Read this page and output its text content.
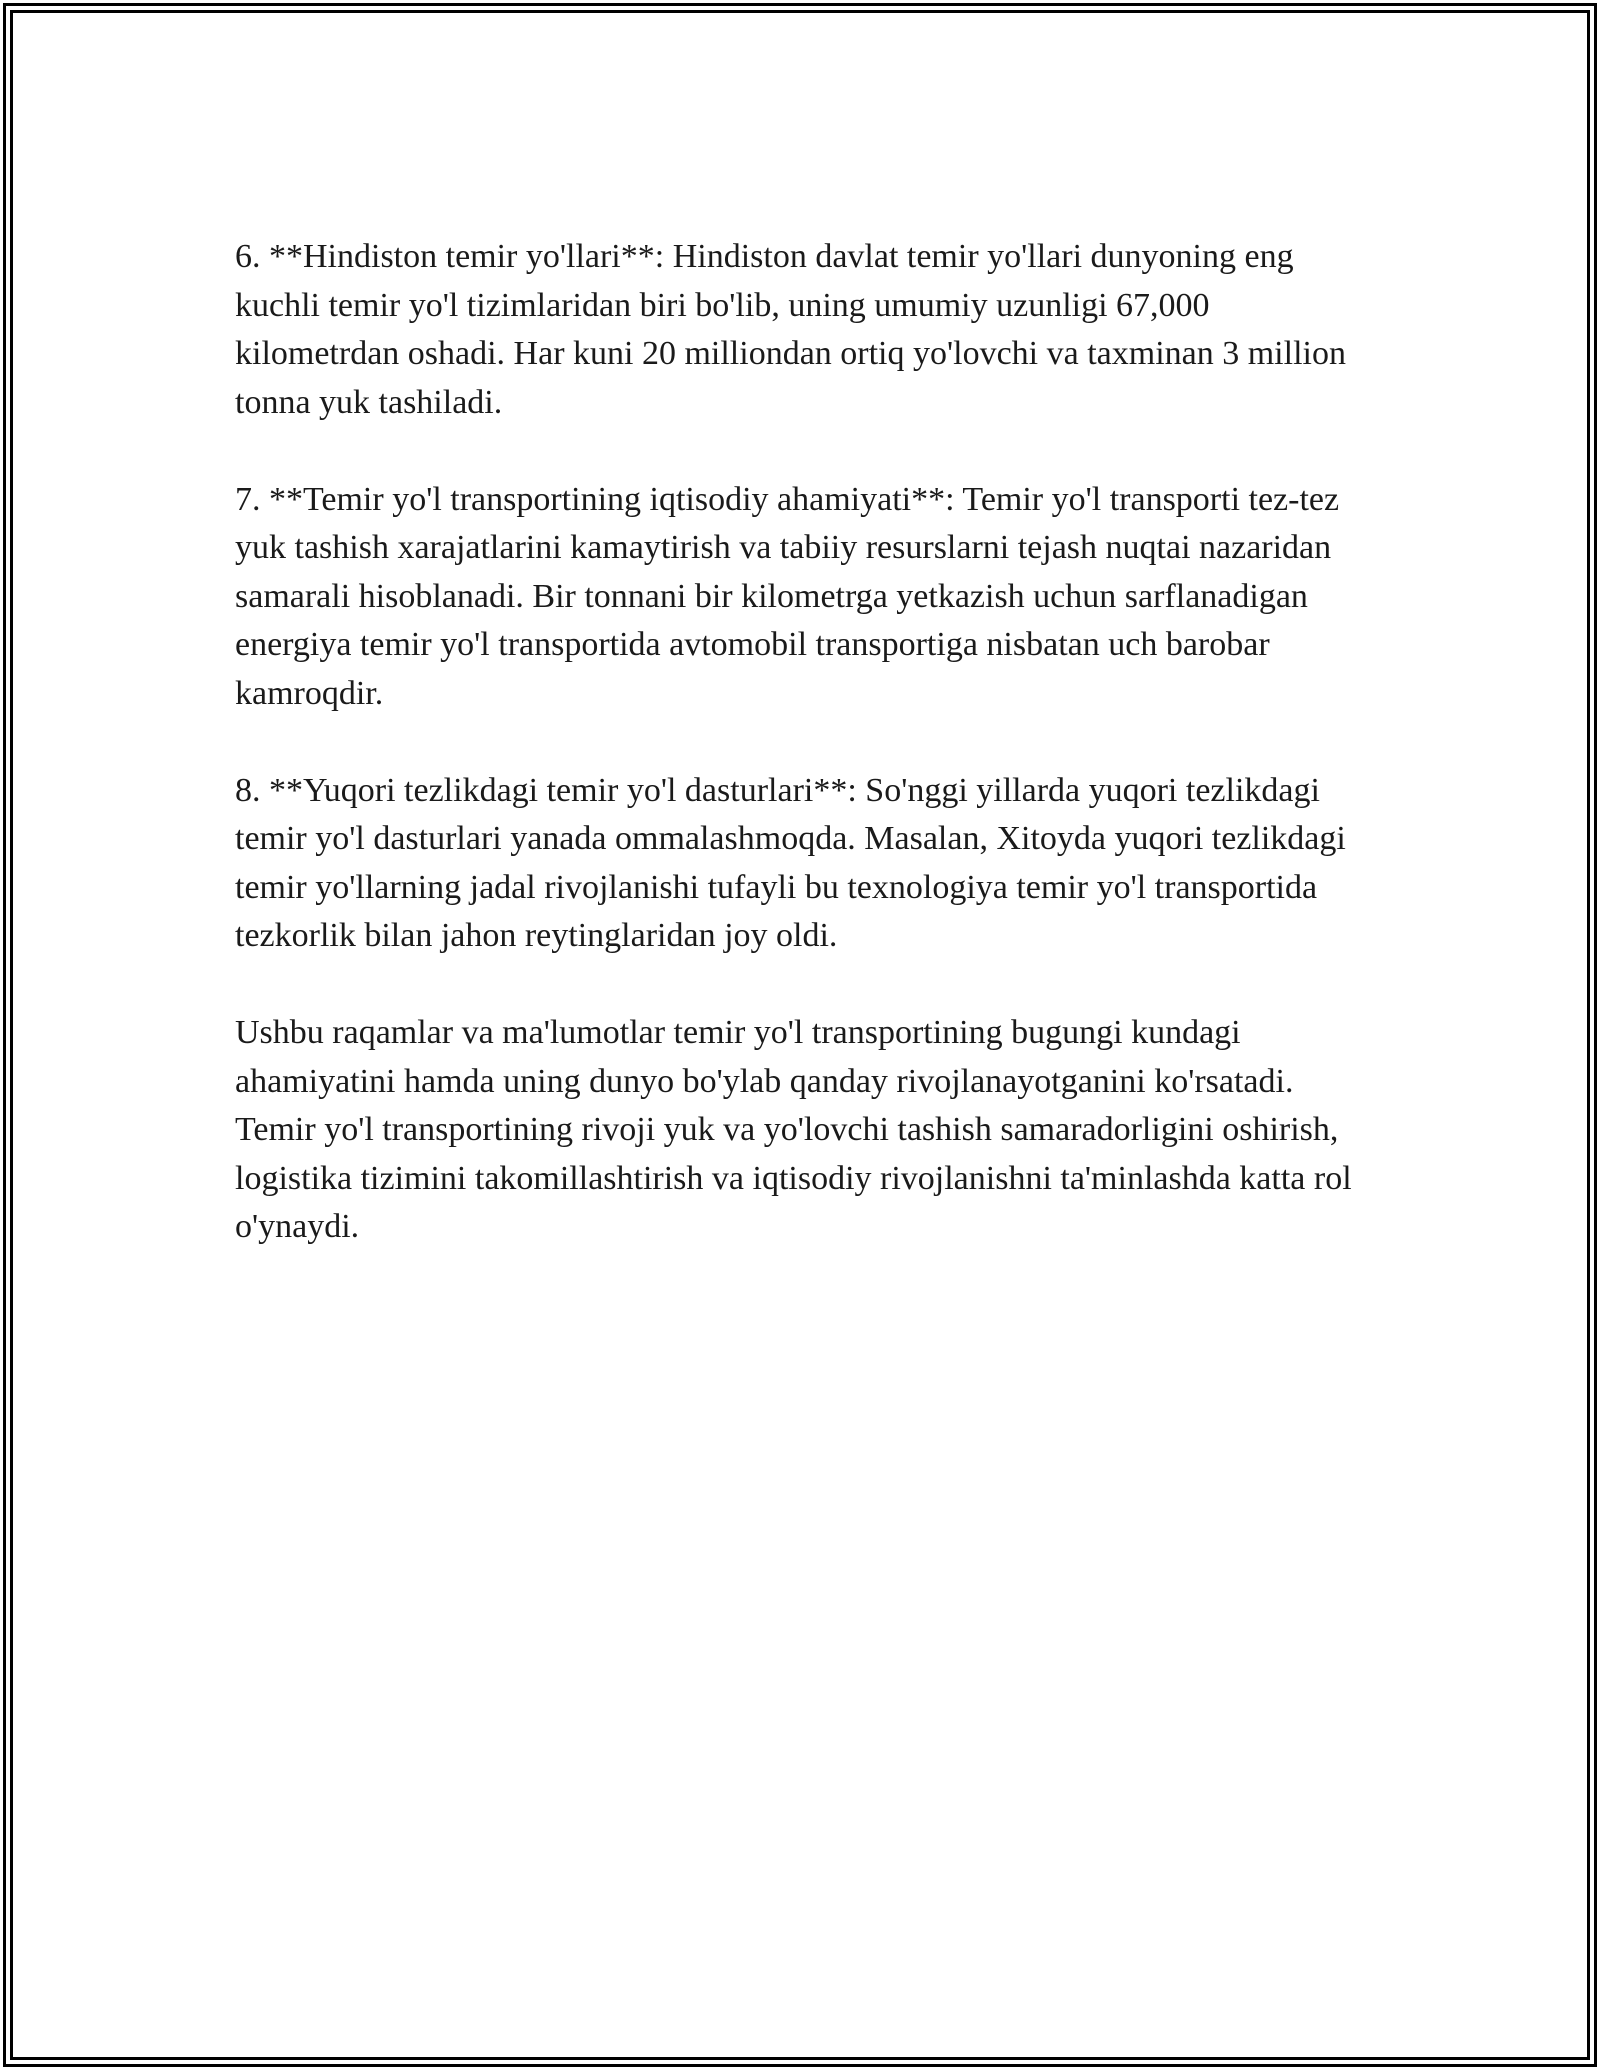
6. **Hindiston temir yo'llari**: Hindiston davlat temir yo'llari dunyoning eng kuchli temir yo'l tizimlaridan biri bo'lib, uning umumiy uzunligi 67,000 kilometrdan oshadi. Har kuni 20 milliondan ortiq yo'lovchi va taxminan 3 million tonna yuk tashiladi.

7. **Temir yo'l transportining iqtisodiy ahamiyati**: Temir yo'l transporti tez-tez yuk tashish xarajatlarini kamaytirish va tabiiy resurslarni tejash nuqtai nazaridan samarali hisoblanadi. Bir tonnani bir kilometrga yetkazish uchun sarflanadigan energiya temir yo'l transportida avtomobil transportiga nisbatan uch barobar kamroqdir.

8. **Yuqori tezlikdagi temir yo'l dasturlari**: So'nggi yillarda yuqori tezlikdagi temir yo'l dasturlari yanada ommalashmoqda. Masalan, Xitoyda yuqori tezlikdagi temir yo'llarning jadal rivojlanishi tufayli bu texnologiya temir yo'l transportida tezkorlik bilan jahon reytinglaridan joy oldi.

Ushbu raqamlar va ma'lumotlar temir yo'l transportining bugungi kundagi ahamiyatini hamda uning dunyo bo'ylab qanday rivojlanayotganini ko'rsatadi. Temir yo'l transportining rivoji yuk va yo'lovchi tashish samaradorligini oshirish, logistika tizimini takomillashtirish va iqtisodiy rivojlanishni ta'minlashda katta rol o'ynaydi.
